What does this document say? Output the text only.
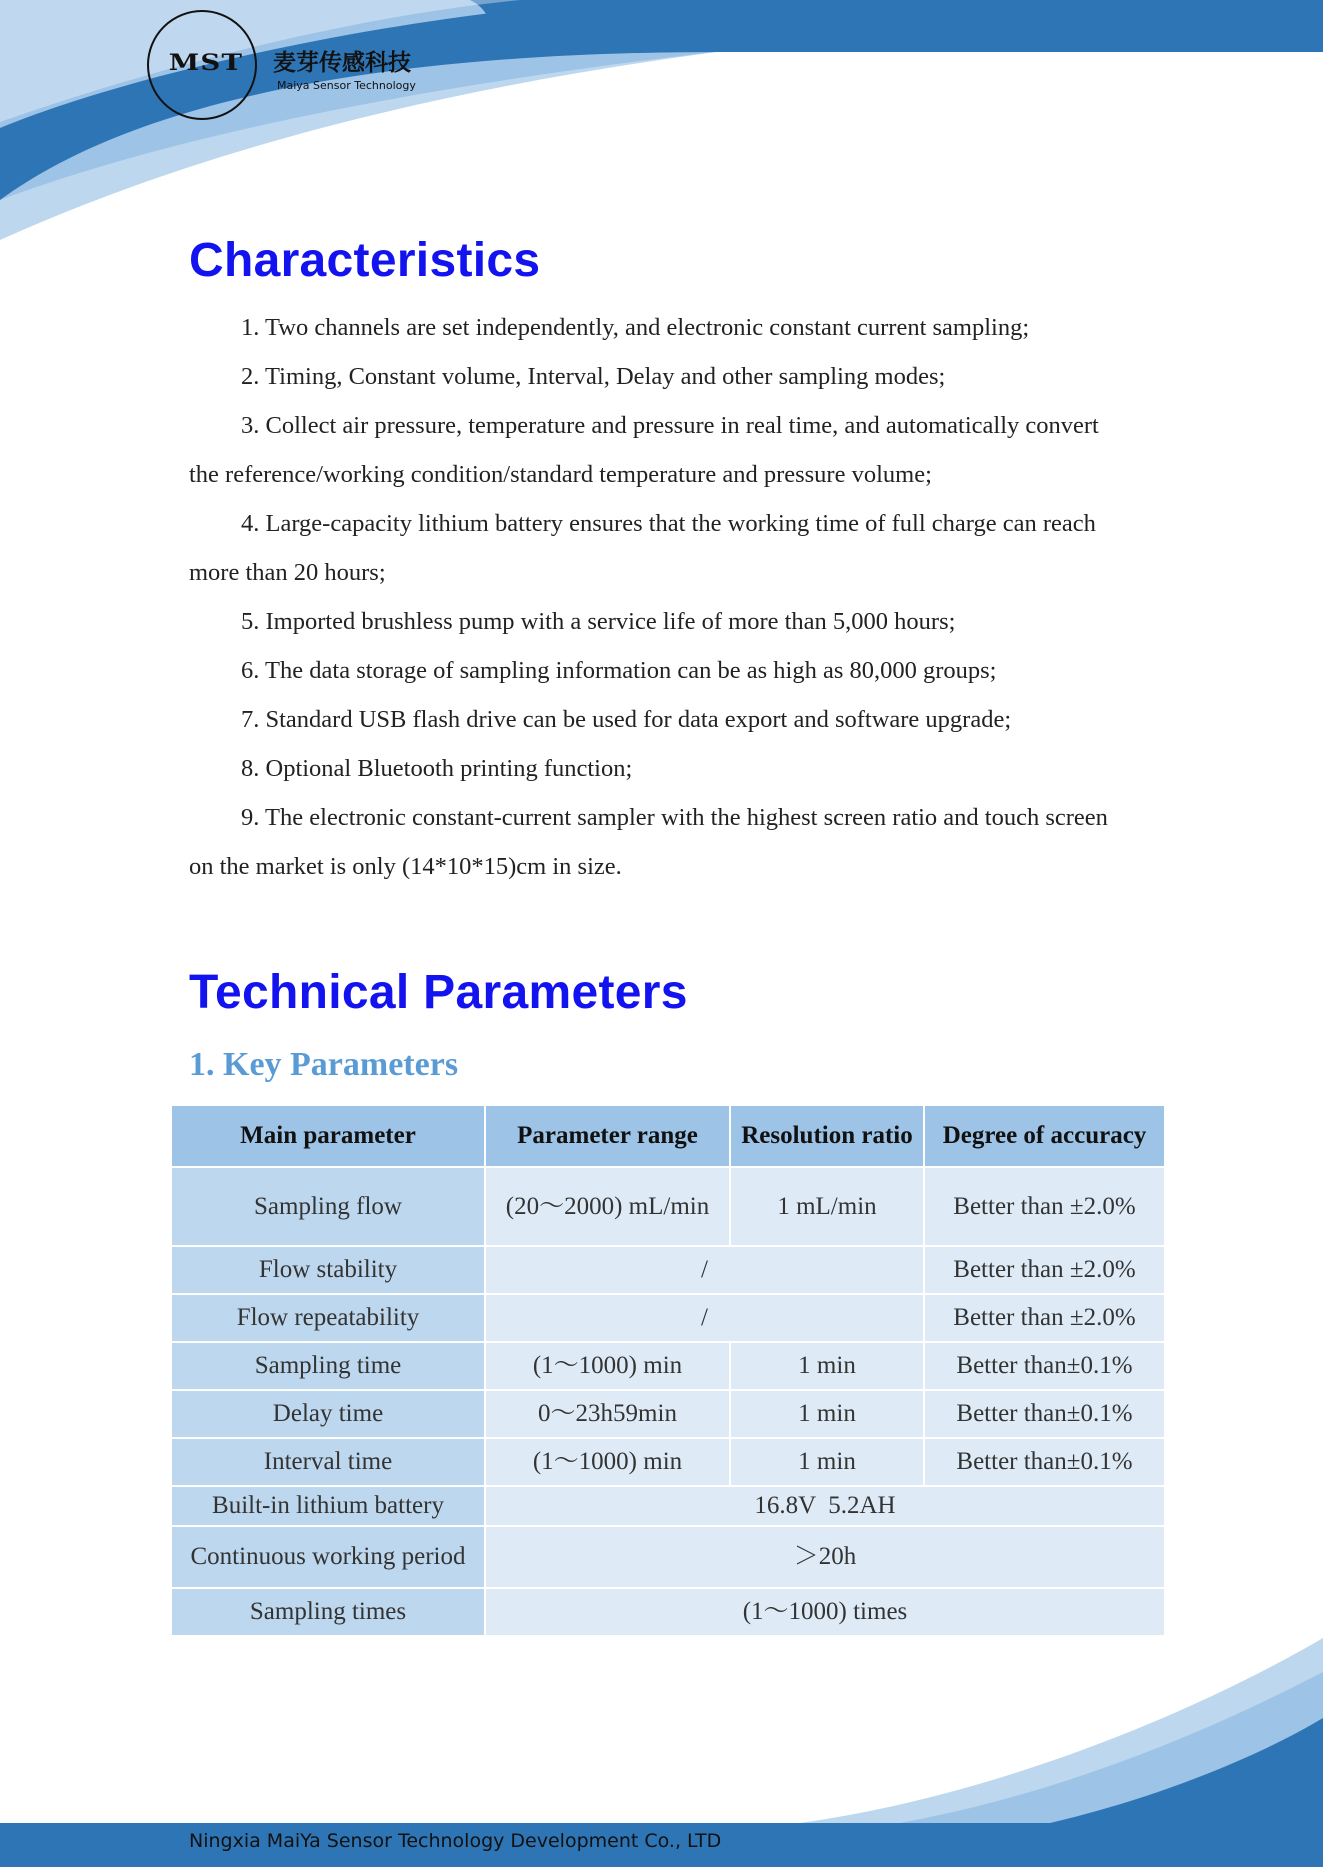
MST	麦芽传感科技
Maiya Sensor Technology
Characteristics

1. Two channels are set independently, and electronic constant current sampling;

2. Timing, Constant volume, Interval, Delay and other sampling modes;

3. Collect air pressure, temperature and pressure in real time, and automatically convert the reference/working condition/standard temperature and pressure volume;

4. Large-capacity lithium battery ensures that the working time of full charge can reach more than 20 hours;

5. Imported brushless pump with a service life of more than 5,000 hours;

6. The data storage of sampling information can be as high as 80,000 groups;

7. Standard USB flash drive can be used for data export and software upgrade;

8. Optional Bluetooth printing function;

9. The electronic constant-current sampler with the highest screen ratio and touch screen on the market is only (14*10*15)cm in size.

Technical Parameters
1. Key Parameters
Main parameter	Parameter range	Resolution ratio	Degree of accuracy
Sampling flow	(20～2000) mL/min	1 mL/min	Better than ±2.0%
Flow stability	/		Better than ±2.0%
Flow repeatability	/		Better than ±2.0%
Sampling time	(1～1000) min	1 min	Better than±0.1%
Delay time	0～23h59min	1 min	Better than±0.1%
Interval time	(1～1000) min	1 min	Better than±0.1%
Built-in lithium battery	16.8V  5.2AH		
Continuous working period	＞20h		
Sampling times	(1～1000) times		
Ningxia MaiYa Sensor Technology Development Co., LTD
